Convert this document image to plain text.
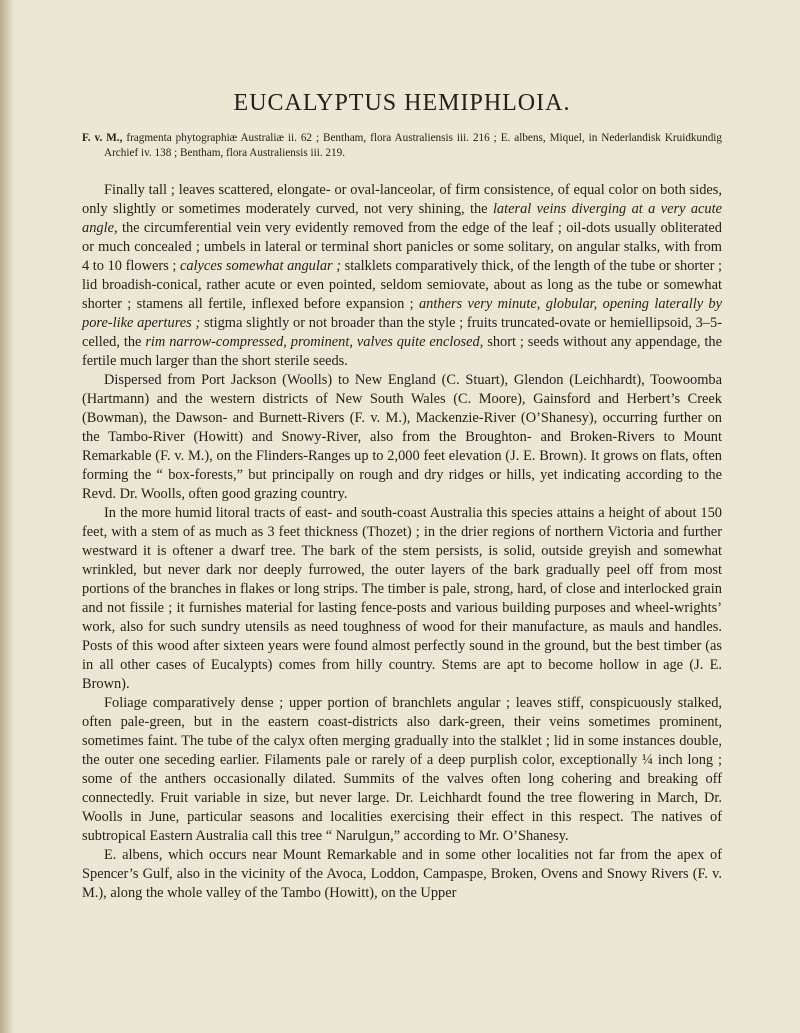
EUCALYPTUS HEMIPHLOIA.

F. v. M., fragmenta phytographiæ Australiæ ii. 62 ; Bentham, flora Australiensis iii. 216 ; E. albens, Miquel, in Nederlandisk Kruidkundig Archief iv. 138 ; Bentham, flora Australiensis iii. 219.

Finally tall ; leaves scattered, elongate- or oval-lanceolar, of firm consistence, of equal color on both sides, only slightly or sometimes moderately curved, not very shining, the lateral veins diverging at a very acute angle, the circumferential vein very evidently removed from the edge of the leaf ; oil-dots usually obliterated or much concealed ; umbels in lateral or terminal short panicles or some solitary, on angular stalks, with from 4 to 10 flowers ; calyces somewhat angular ; stalklets comparatively thick, of the length of the tube or shorter ; lid broadish-conical, rather acute or even pointed, seldom semiovate, about as long as the tube or somewhat shorter ; stamens all fertile, inflexed before expansion ; anthers very minute, globular, opening laterally by pore-like apertures ; stigma slightly or not broader than the style ; fruits truncated-ovate or hemiellipsoid, 3–5-celled, the rim narrow-compressed, prominent, valves quite enclosed, short ; seeds without any appendage, the fertile much larger than the short sterile seeds.

Dispersed from Port Jackson (Woolls) to New England (C. Stuart), Glendon (Leichhardt), Toowoomba (Hartmann) and the western districts of New South Wales (C. Moore), Gainsford and Herbert’s Creek (Bowman), the Dawson- and Burnett-Rivers (F. v. M.), Mackenzie-River (O’Shanesy), occurring further on the Tambo-River (Howitt) and Snowy-River, also from the Broughton- and Broken-Rivers to Mount Remarkable (F. v. M.), on the Flinders-Ranges up to 2,000 feet elevation (J. E. Brown). It grows on flats, often forming the “ box-forests,” but principally on rough and dry ridges or hills, yet indicating according to the Revd. Dr. Woolls, often good grazing country.

In the more humid litoral tracts of east- and south-coast Australia this species attains a height of about 150 feet, with a stem of as much as 3 feet thickness (Thozet) ; in the drier regions of northern Victoria and further westward it is oftener a dwarf tree. The bark of the stem persists, is solid, outside greyish and somewhat wrinkled, but never dark nor deeply furrowed, the outer layers of the bark gradually peel off from most portions of the branches in flakes or long strips. The timber is pale, strong, hard, of close and interlocked grain and not fissile ; it furnishes material for lasting fence-posts and various building purposes and wheel-wrights’ work, also for such sundry utensils as need toughness of wood for their manufacture, as mauls and handles. Posts of this wood after sixteen years were found almost perfectly sound in the ground, but the best timber (as in all other cases of Eucalypts) comes from hilly country. Stems are apt to become hollow in age (J. E. Brown).

Foliage comparatively dense ; upper portion of branchlets angular ; leaves stiff, conspicuously stalked, often pale-green, but in the eastern coast-districts also dark-green, their veins sometimes prominent, sometimes faint. The tube of the calyx often merging gradually into the stalklet ; lid in some instances double, the outer one seceding earlier. Filaments pale or rarely of a deep purplish color, exceptionally ¼ inch long ; some of the anthers occasionally dilated. Summits of the valves often long cohering and breaking off connectedly. Fruit variable in size, but never large. Dr. Leichhardt found the tree flowering in March, Dr. Woolls in June, particular seasons and localities exercising their effect in this respect. The natives of subtropical Eastern Australia call this tree “ Narulgun,” according to Mr. O’Shanesy.

E. albens, which occurs near Mount Remarkable and in some other localities not far from the apex of Spencer’s Gulf, also in the vicinity of the Avoca, Loddon, Campaspe, Broken, Ovens and Snowy Rivers (F. v. M.), along the whole valley of the Tambo (Howitt), on the Upper
